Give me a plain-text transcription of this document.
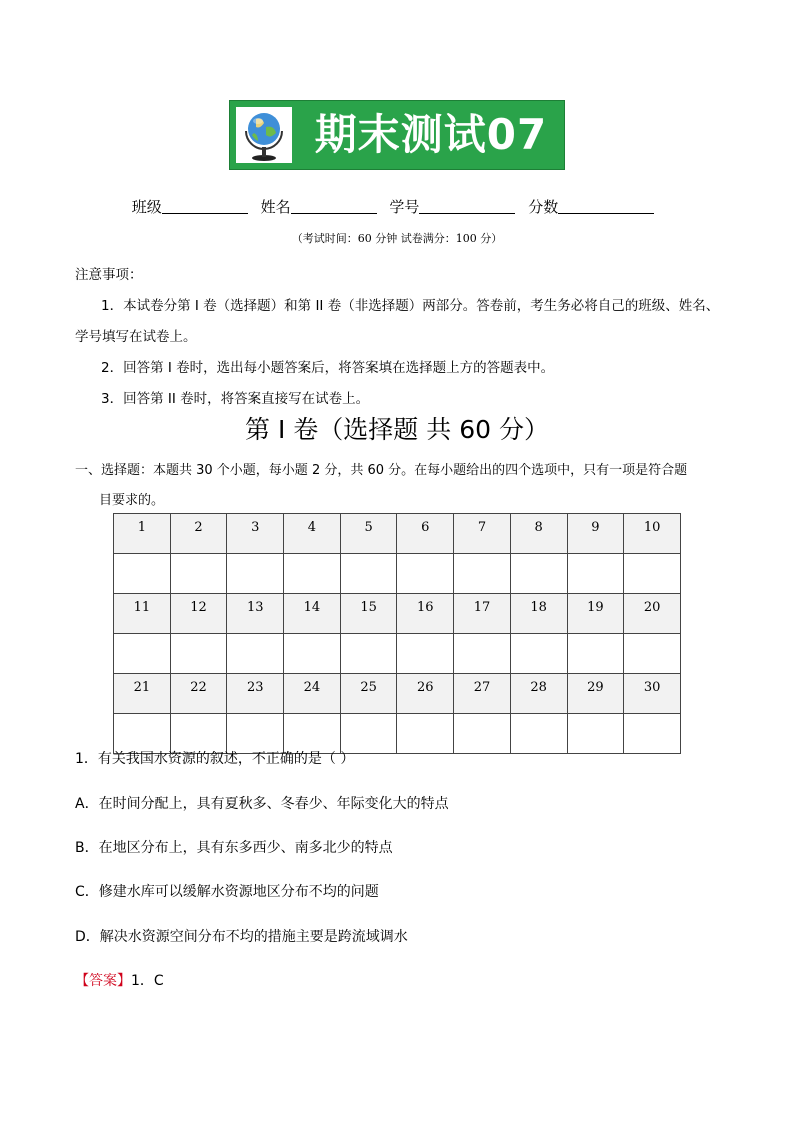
期末测试07
班级	姓名	学号	分数
（考试时间：60 分钟 试卷满分：100 分）

注意事项：

1．本试卷分第 I 卷（选择题）和第 II 卷（非选择题）两部分。答卷前，考生务必将自己的班级、姓名、学号填写在试卷上。

2．回答第 I 卷时，选出每小题答案后，将答案填在选择题上方的答题表中。

3．回答第 II 卷时，将答案直接写在试卷上。

第 I 卷（选择题 共 60 分）

一、选择题：本题共 30 个小题，每小题 2 分，共 60 分。在每小题给出的四个选项中，只有一项是符合题

目要求的。

1	2	3	4	5	6	7	8	9	10

11	12	13	14	15	16	17	18	19	20

21	22	23	24	25	26	27	28	29	30

1．有关我国水资源的叙述，不正确的是（ ）
A．在时间分配上，具有夏秋多、冬春少、年际变化大的特点
B．在地区分布上，具有东多西少、南多北少的特点
C．修建水库可以缓解水资源地区分布不均的问题
D．解决水资源空间分布不均的措施主要是跨流域调水
【答案】1．C
